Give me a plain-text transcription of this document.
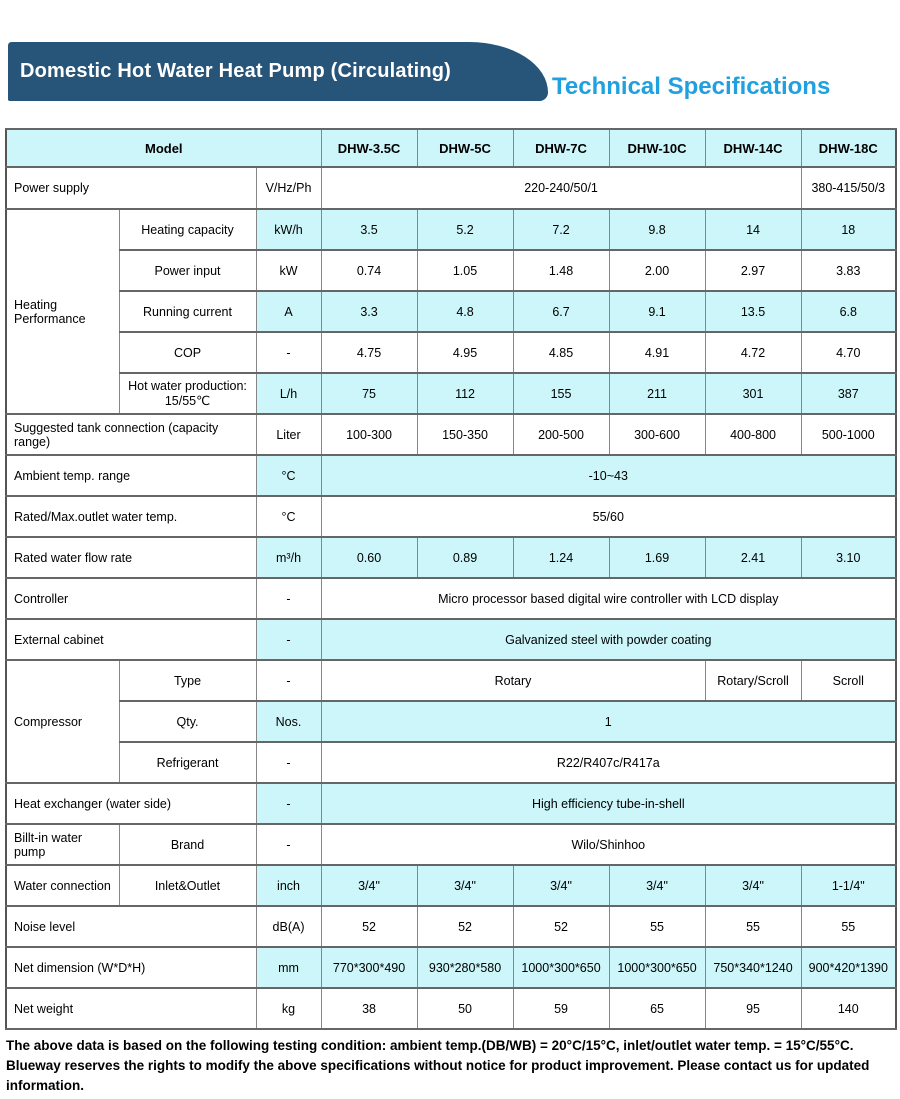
Domestic Hot Water Heat Pump (Circulating)
Technical Specifications
Model			DHW-3.5C	DHW-5C	DHW-7C	DHW-10C	DHW-14C	DHW-18C
Power supply		V/Hz/Ph	220-240/50/1					380-415/50/3
Heating Performance	Heating capacity	kW/h	3.5	5.2	7.2	9.8	14	18
	Power input	kW	0.74	1.05	1.48	2.00	2.97	3.83
	Running current	A	3.3	4.8	6.7	9.1	13.5	6.8
	COP	-	4.75	4.95	4.85	4.91	4.72	4.70
	Hot water production: 15/55℃	L/h	75	112	155	211	301	387
Suggested tank connection (capacity range)		Liter	100-300	150-350	200-500	300-600	400-800	500-1000
Ambient temp. range		°C	-10~43					
Rated/Max.outlet water temp.		°C	55/60					
Rated water flow rate		m³/h	0.60	0.89	1.24	1.69	2.41	3.10
Controller		-	Micro processor based digital wire controller with LCD display					
External cabinet		-	Galvanized steel with powder coating					
Compressor	Type	-	Rotary				Rotary/Scroll	Scroll
	Qty.	Nos.	1					
	Refrigerant	-	R22/R407c/R417a					
Heat exchanger (water side)		-	High efficiency tube-in-shell					
Billt-in water pump	Brand	-	Wilo/Shinhoo					
Water connection	Inlet&Outlet	inch	3/4"	3/4"	3/4"	3/4"	3/4"	1-1/4"
Noise level		dB(A)	52	52	52	55	55	55
Net dimension (W*D*H)		mm	770*300*490	930*280*580	1000*300*650	1000*300*650	750*340*1240	900*420*1390
Net weight		kg	38	50	59	65	95	140
The above data is based on the following testing condition: ambient temp.(DB/WB) = 20°C/15°C, inlet/outlet water temp. = 15°C/55°C.
Blueway reserves the rights to modify the above specifications without notice for product improvement. Please contact us for updated information.
